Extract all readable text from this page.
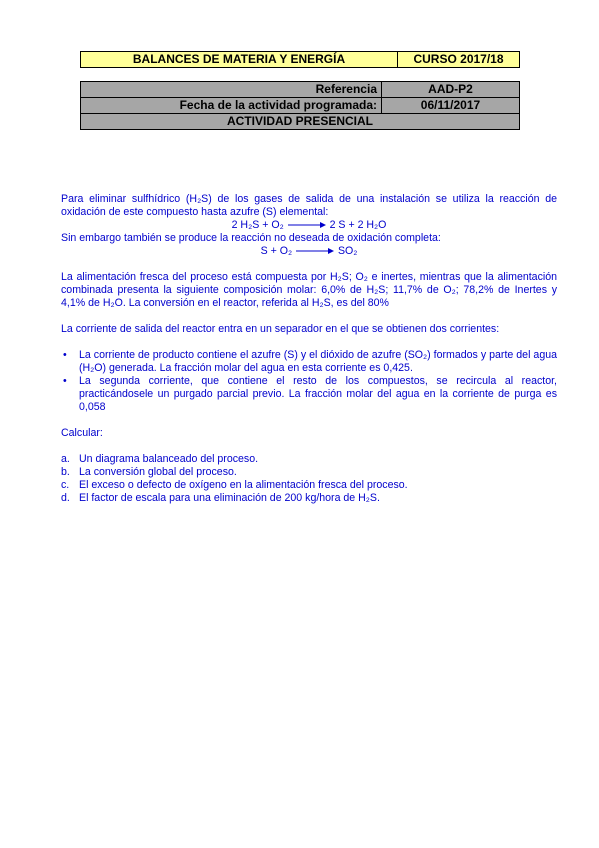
BALANCES DE MATERIA Y ENERGÍA	CURSO 2017/18
Referencia	AAD-P2
Fecha de la actividad programada:	06/11/2017
ACTIVIDAD PRESENCIAL	

Para eliminar sulfhídrico (H₂S) de los gases de salida de una instalación se utiliza la reacción de oxidación de este compuesto hasta azufre (S) elemental:

2 H₂S + O₂	2 S + 2 H₂O

Sin embargo también se produce la reacción no deseada de oxidación completa:

S + O₂	SO₂

La alimentación fresca del proceso está compuesta por H₂S; O₂ e inertes, mientras que la alimentación combinada presenta la siguiente composición molar: 6,0% de H₂S; 11,7% de O₂; 78,2% de Inertes y 4,1% de H₂O. La conversión en el reactor, referida al H₂S, es del 80%

La corriente de salida del reactor entra en un separador en el que se obtienen dos corrientes:

• La corriente de producto contiene el azufre (S) y el dióxido de azufre (SO₂) formados y parte del agua (H₂O) generada. La fracción molar del agua en esta corriente es 0,425.
• La segunda corriente, que contiene el resto de los compuestos, se recircula al reactor, practicándosele un purgado parcial previo. La fracción molar del agua en la corriente de purga es 0,058

Calcular:

a. Un diagrama balanceado del proceso.
b. La conversión global del proceso.
c. El exceso o defecto de oxígeno en la alimentación fresca del proceso.
d. El factor de escala para una eliminación de 200 kg/hora de H₂S.
